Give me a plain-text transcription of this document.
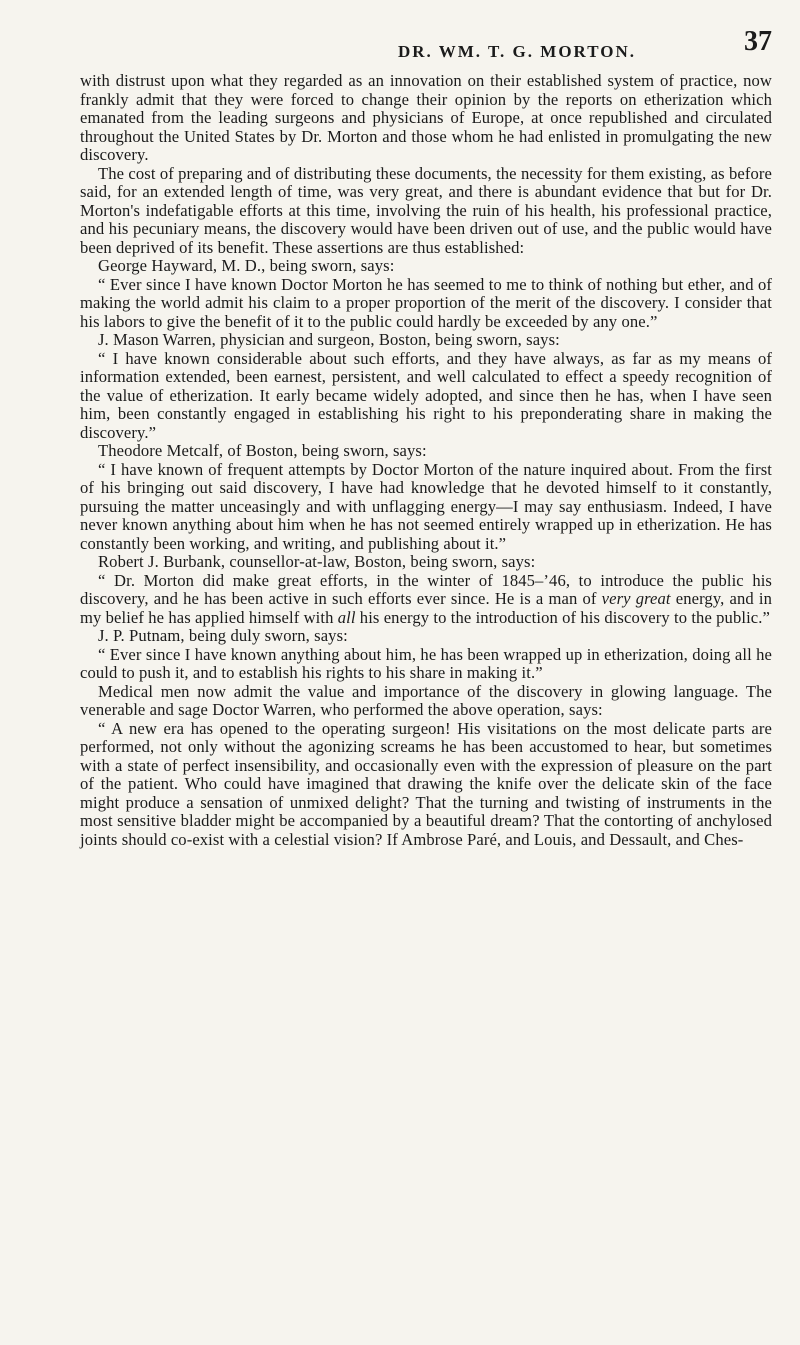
DR. WM. T. G. MORTON.	37

with distrust upon what they regarded as an innovation on their established system of practice, now frankly admit that they were forced to change their opinion by the reports on etherization which emanated from the leading surgeons and physicians of Europe, at once republished and circulated throughout the United States by Dr. Morton and those whom he had enlisted in promulgating the new discovery.

The cost of preparing and of distributing these documents, the necessity for them existing, as before said, for an extended length of time, was very great, and there is abundant evidence that but for Dr. Morton's indefatigable efforts at this time, involving the ruin of his health, his professional practice, and his pecuniary means, the discovery would have been driven out of use, and the public would have been deprived of its benefit. These assertions are thus established:

George Hayward, M. D., being sworn, says:

“ Ever since I have known Doctor Morton he has seemed to me to think of nothing but ether, and of making the world admit his claim to a proper proportion of the merit of the discovery. I consider that his labors to give the benefit of it to the public could hardly be exceeded by any one.”

J. Mason Warren, physician and surgeon, Boston, being sworn, says:

“ I have known considerable about such efforts, and they have always, as far as my means of information extended, been earnest, persistent, and well calculated to effect a speedy recognition of the value of etherization. It early became widely adopted, and since then he has, when I have seen him, been constantly engaged in establishing his right to his preponderating share in making the discovery.”

Theodore Metcalf, of Boston, being sworn, says:

“ I have known of frequent attempts by Doctor Morton of the nature inquired about. From the first of his bringing out said discovery, I have had knowledge that he devoted himself to it constantly, pursuing the matter unceasingly and with unflagging energy—I may say enthusiasm. Indeed, I have never known anything about him when he has not seemed entirely wrapped up in etherization. He has constantly been working, and writing, and publishing about it.”

Robert J. Burbank, counsellor-at-law, Boston, being sworn, says:

“ Dr. Morton did make great efforts, in the winter of 1845–’46, to introduce the public his discovery, and he has been active in such efforts ever since. He is a man of very great energy, and in my belief he has applied himself with all his energy to the introduction of his discovery to the public.”

J. P. Putnam, being duly sworn, says:

“ Ever since I have known anything about him, he has been wrapped up in etherization, doing all he could to push it, and to establish his rights to his share in making it.”

Medical men now admit the value and importance of the discovery in glowing language. The venerable and sage Doctor Warren, who performed the above operation, says:

“ A new era has opened to the operating surgeon! His visitations on the most delicate parts are performed, not only without the agonizing screams he has been accustomed to hear, but sometimes with a state of perfect insensibility, and occasionally even with the expression of pleasure on the part of the patient. Who could have imagined that drawing the knife over the delicate skin of the face might produce a sensation of unmixed delight? That the turning and twisting of instruments in the most sensitive bladder might be accompanied by a beautiful dream? That the contorting of anchylosed joints should co-exist with a celestial vision? If Ambrose Paré, and Louis, and Dessault, and Ches-
